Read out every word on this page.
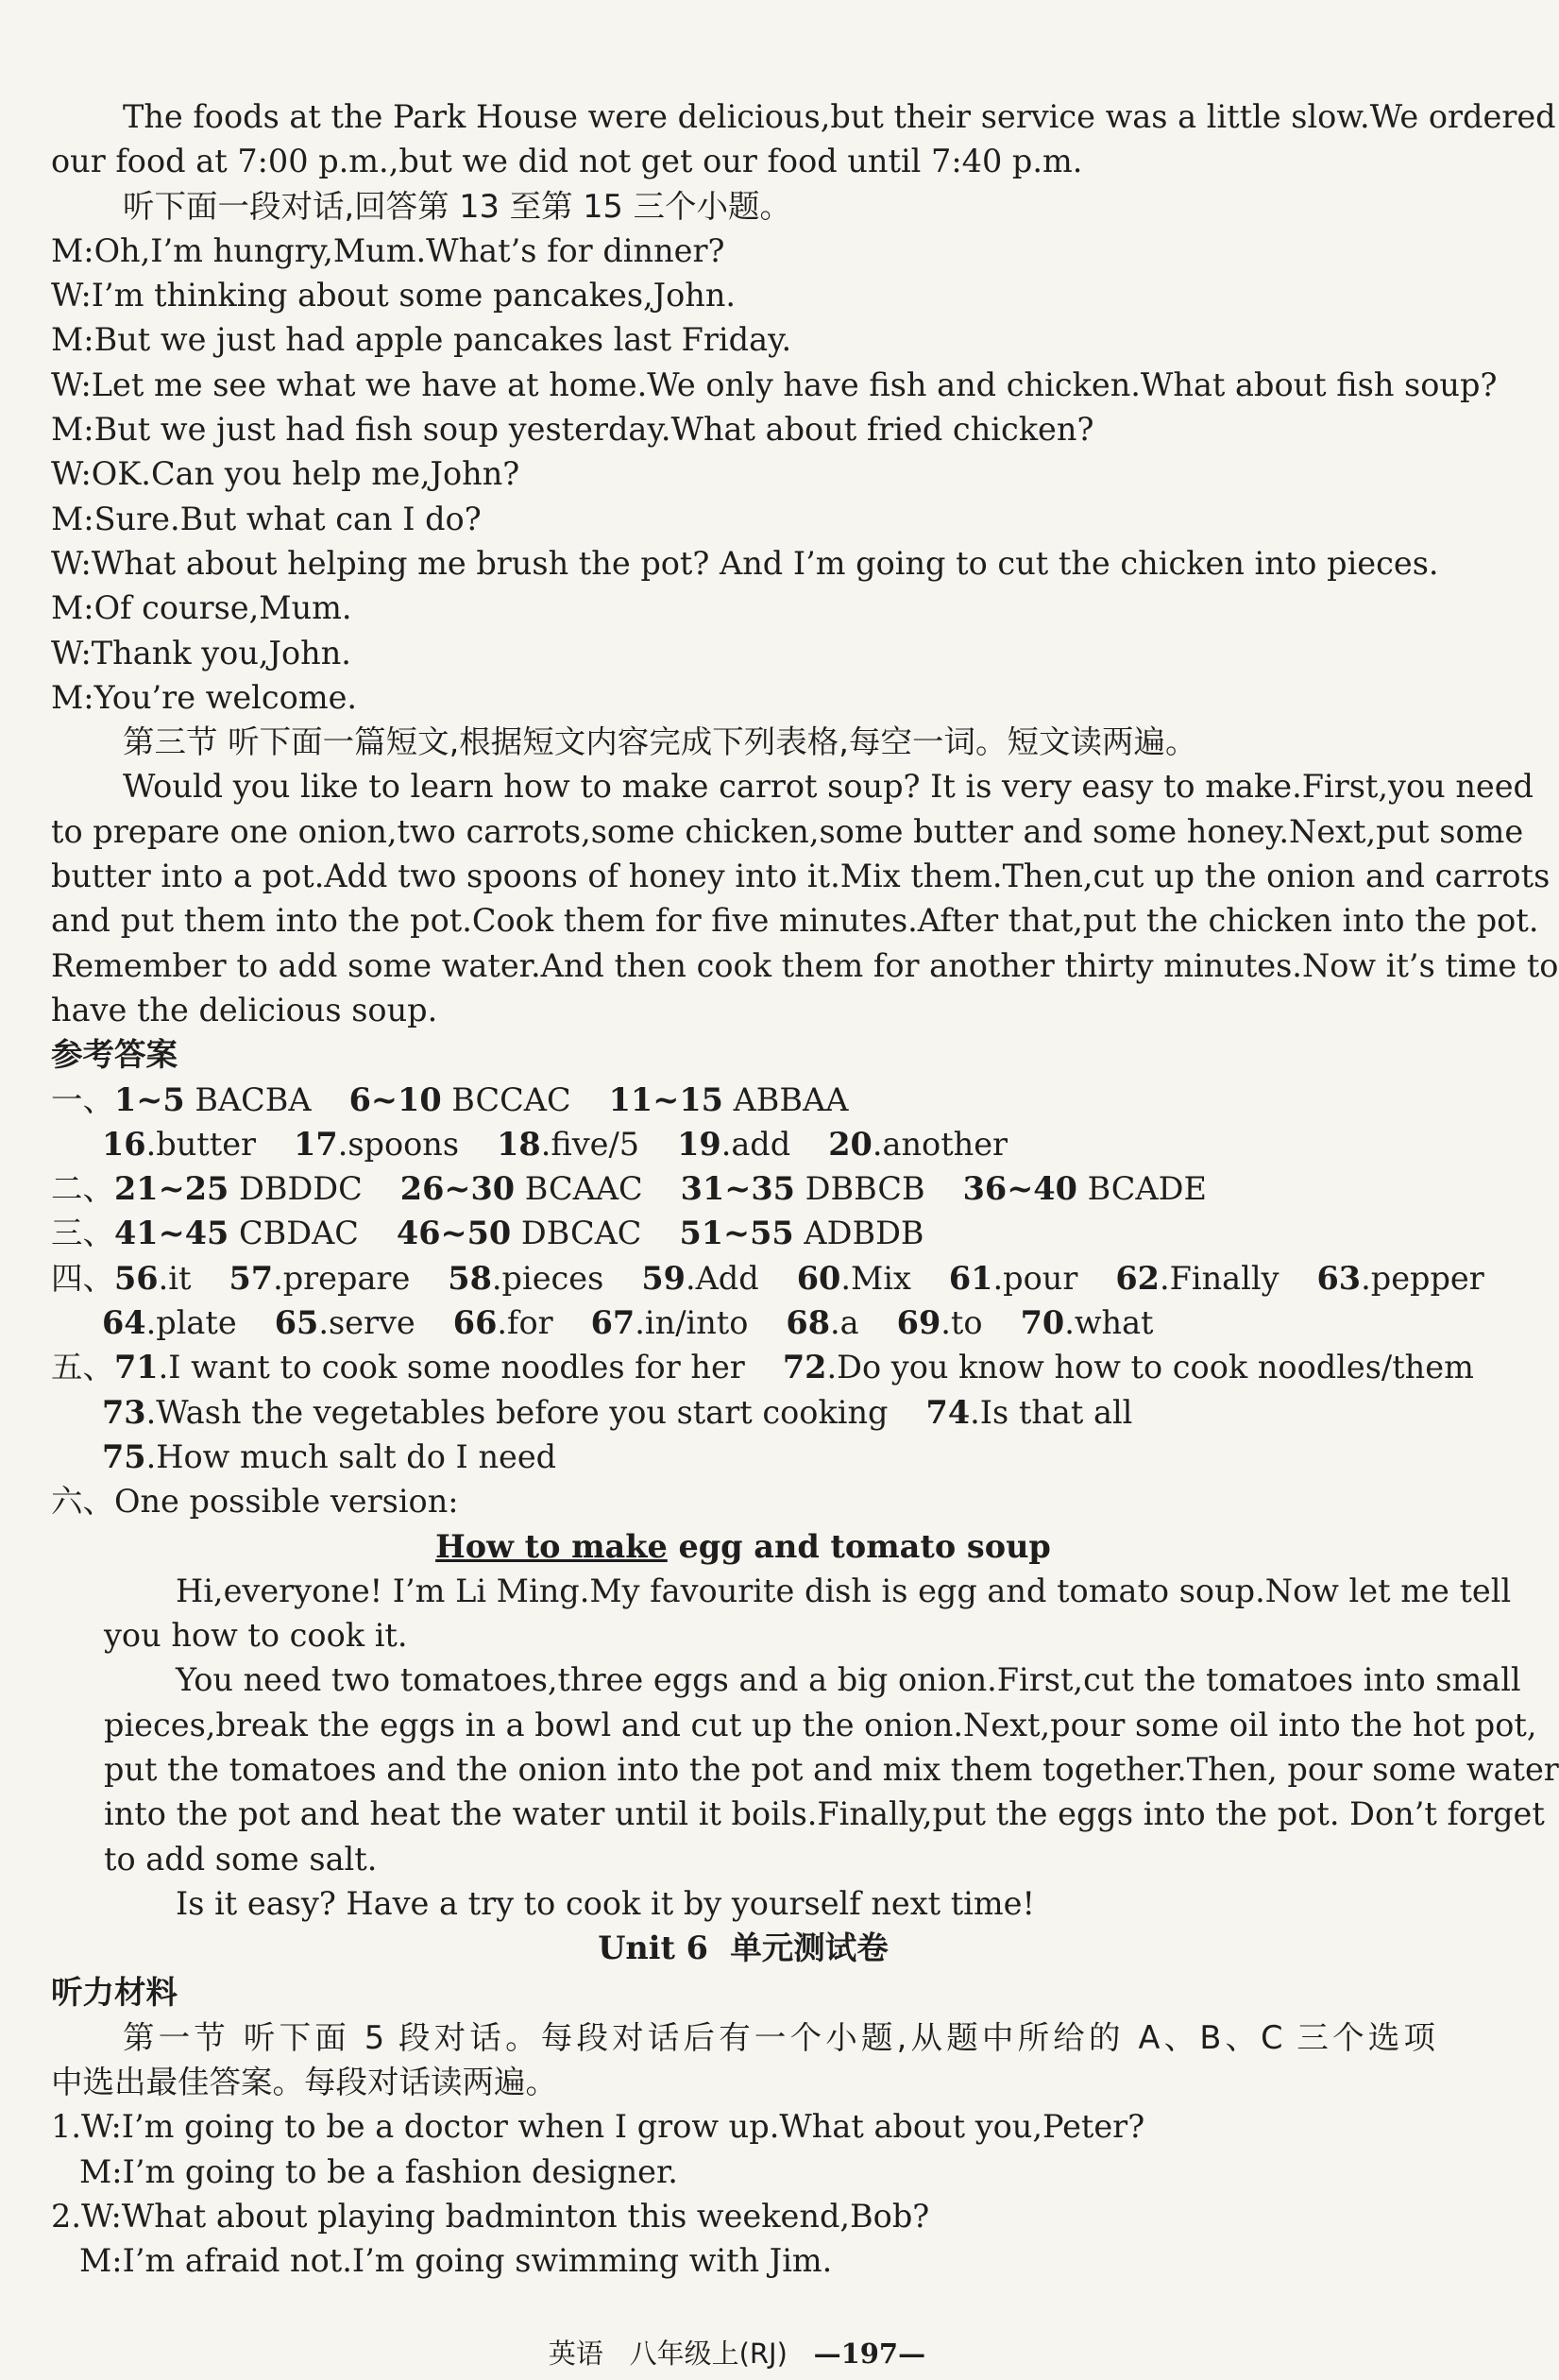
The foods at the Park House were delicious,but their service was a little slow.We ordered
our food at 7:00 p.m.,but we did not get our food until 7:40 p.m.
听下面一段对话,回答第 13 至第 15 三个小题。
M:Oh,I’m hungry,Mum.What’s for dinner?
W:I’m thinking about some pancakes,John.
M:But we just had apple pancakes last Friday.
W:Let me see what we have at home.We only have fish and chicken.What about fish soup?
M:But we just had fish soup yesterday.What about fried chicken?
W:OK.Can you help me,John?
M:Sure.But what can I do?
W:What about helping me brush the pot? And I’m going to cut the chicken into pieces.
M:Of course,Mum.
W:Thank you,John.
M:You’re welcome.
第三节 听下面一篇短文,根据短文内容完成下列表格,每空一词。短文读两遍。
Would you like to learn how to make carrot soup? It is very easy to make.First,you need
to prepare one onion,two carrots,some chicken,some butter and some honey.Next,put some
butter into a pot.Add two spoons of honey into it.Mix them.Then,cut up the onion and carrots
and put them into the pot.Cook them for five minutes.After that,put the chicken into the pot.
Remember to add some water.And then cook them for another thirty minutes.Now it’s time to
have the delicious soup.
参考答案
一、1~5 BACBA 6~10 BCCAC 11~15 ABBAA
16.butter 17.spoons 18.five/5 19.add 20.another
二、21~25 DBDDC 26~30 BCAAC 31~35 DBBCB 36~40 BCADE
三、41~45 CBDAC 46~50 DBCAC 51~55 ADBDB
四、56.it 57.prepare 58.pieces 59.Add 60.Mix 61.pour 62.Finally 63.pepper
64.plate 65.serve 66.for 67.in/into 68.a 69.to 70.what
五、71.I want to cook some noodles for her 72.Do you know how to cook noodles/them
73.Wash the vegetables before you start cooking 74.Is that all
75.How much salt do I need
六、One possible version:
How to make egg and tomato soup
Hi,everyone! I’m Li Ming.My favourite dish is egg and tomato soup.Now let me tell
you how to cook it.
You need two tomatoes,three eggs and a big onion.First,cut the tomatoes into small
pieces,break the eggs in a bowl and cut up the onion.Next,pour some oil into the hot pot,
put the tomatoes and the onion into the pot and mix them together.Then, pour some water
into the pot and heat the water until it boils.Finally,put the eggs into the pot. Don’t forget
to add some salt.
Is it easy? Have a try to cook it by yourself next time!
Unit 6 单元测试卷
听力材料
第一节 听下面 5 段对话。每段对话后有一个小题,从题中所给的 A、B、C 三个选项
中选出最佳答案。每段对话读两遍。
1.W:I’m going to be a doctor when I grow up.What about you,Peter?
M:I’m going to be a fashion designer.
2.W:What about playing badminton this weekend,Bob?
M:I’m afraid not.I’m going swimming with Jim.
英语 八年级上(RJ) —197—
